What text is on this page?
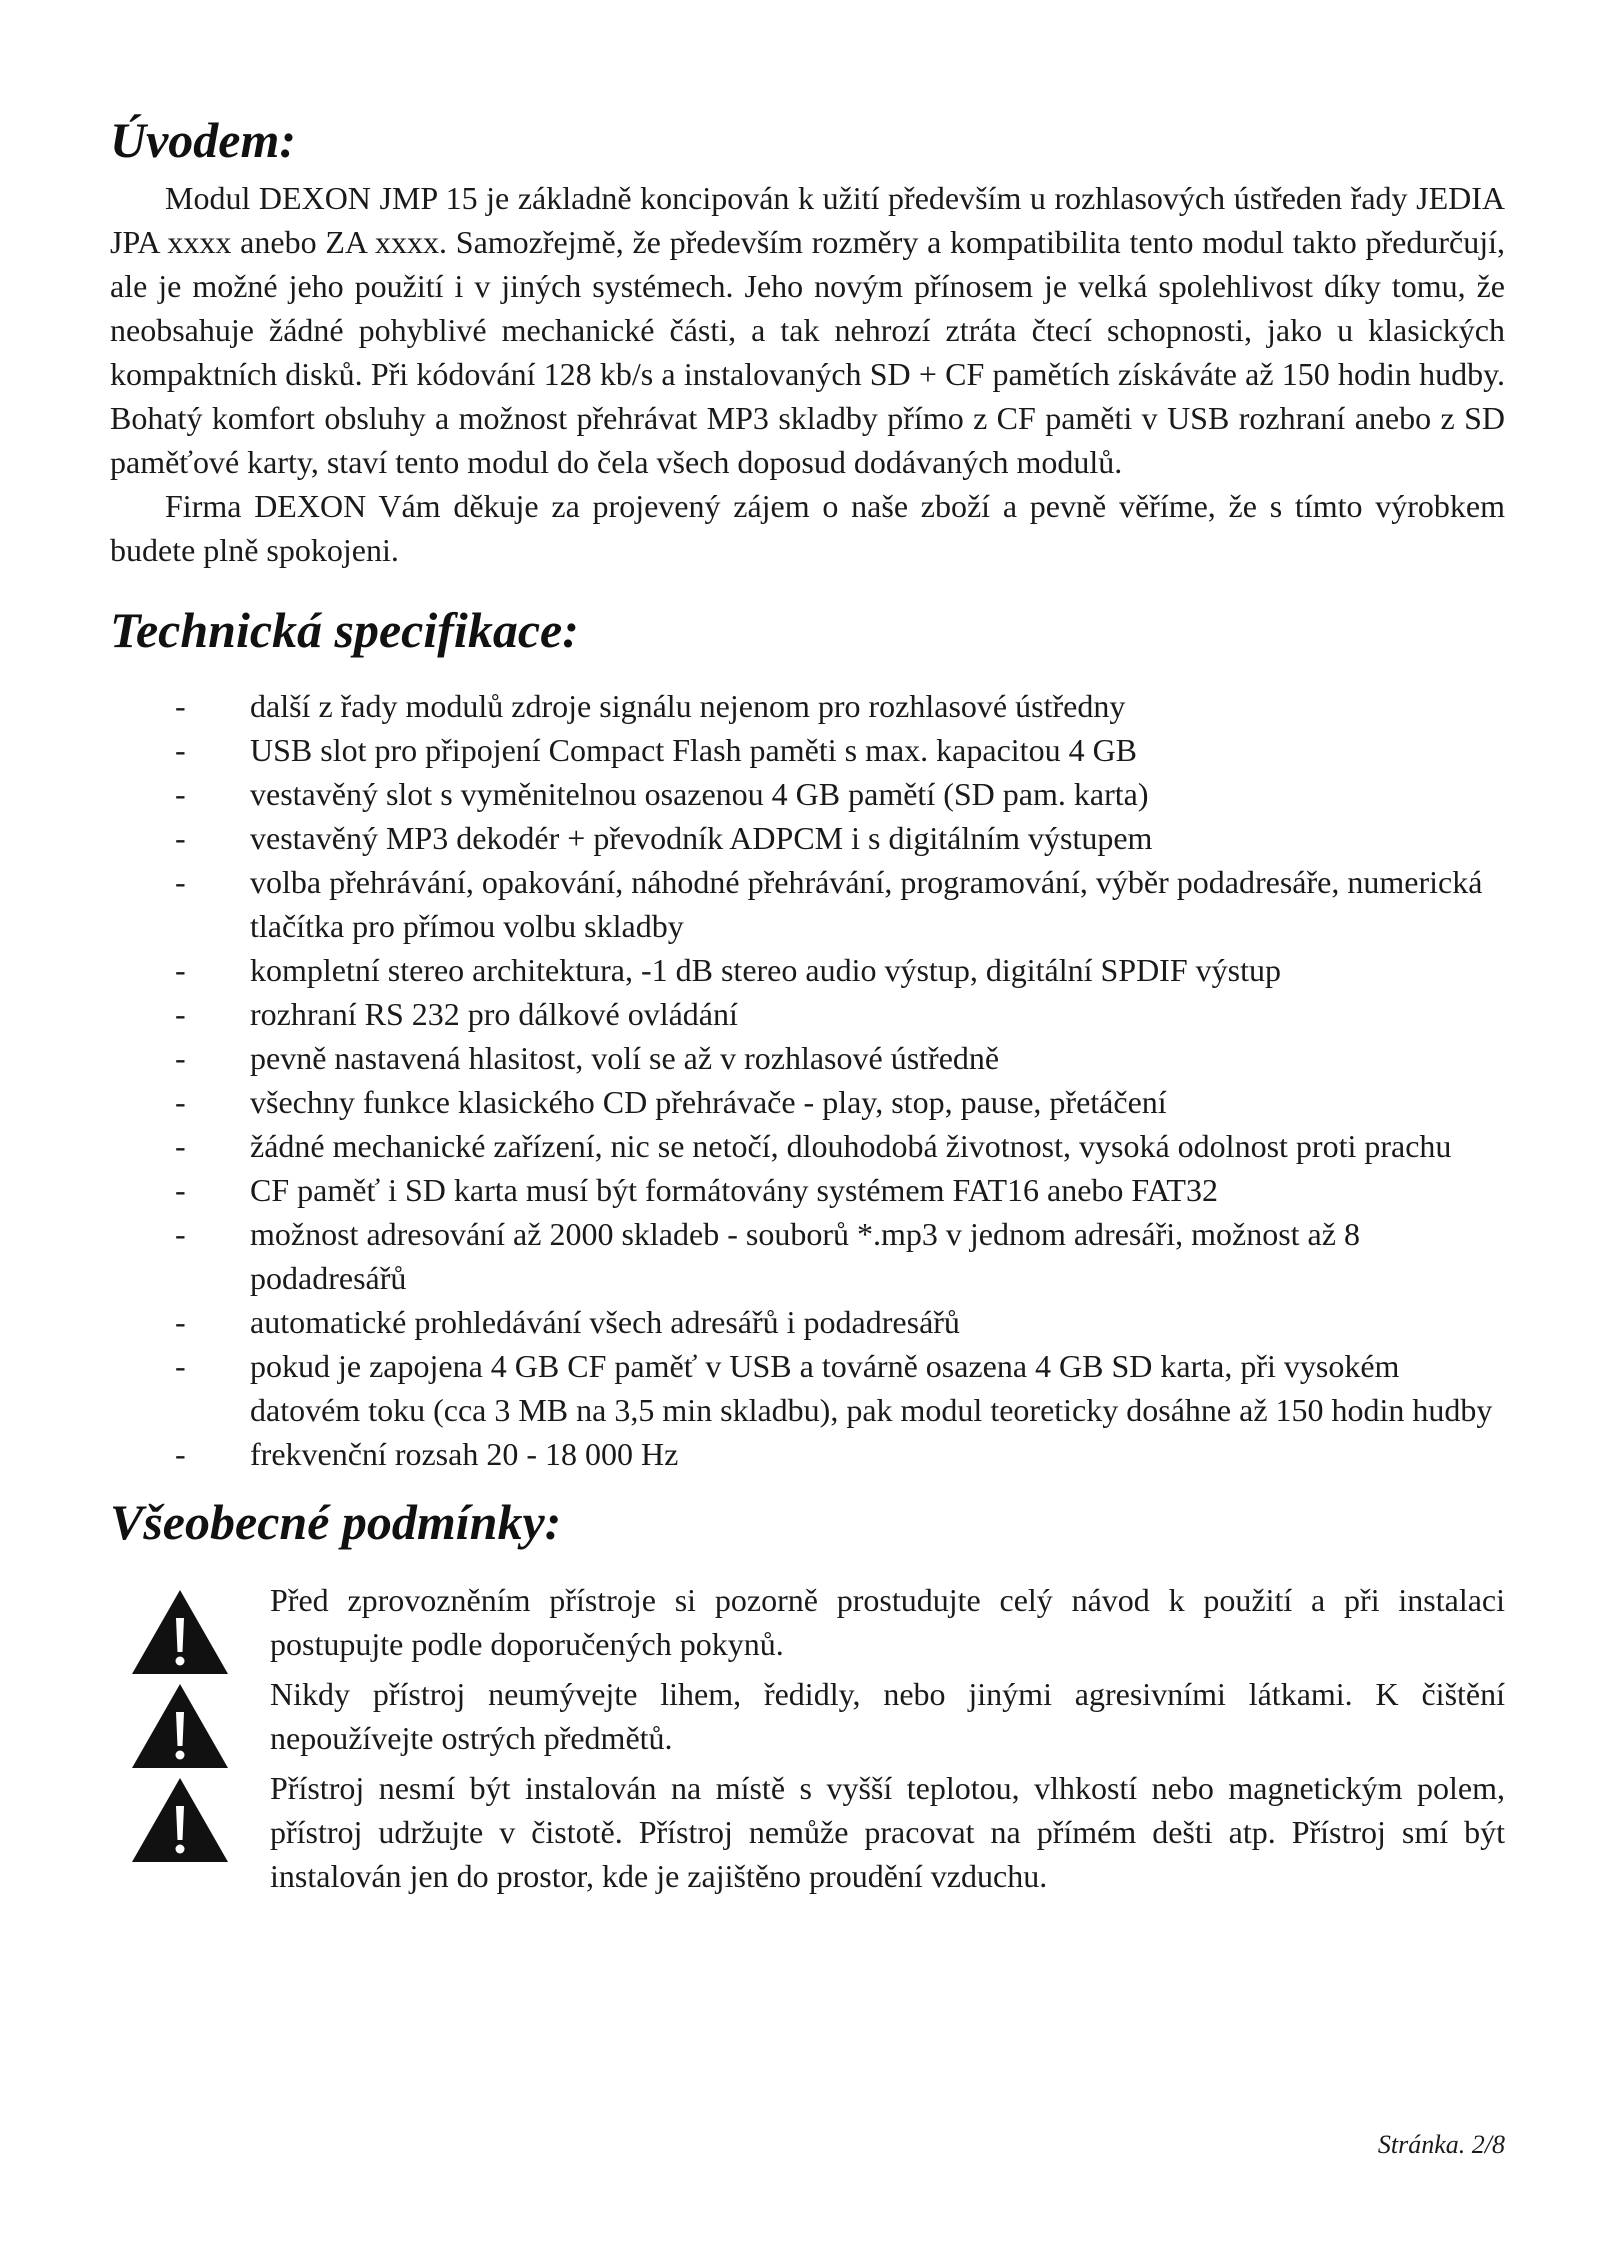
Úvodem:

Modul DEXON JMP 15 je základně koncipován k užití především u rozhlasových ústředen řady JEDIA JPA xxxx anebo ZA xxxx. Samozřejmě, že především rozměry a kompatibilita tento modul takto předurčují, ale je možné jeho použití i v jiných systémech. Jeho novým přínosem je velká spolehlivost díky tomu, že neobsahuje žádné pohyblivé mechanické části, a tak nehrozí ztráta čtecí schopnosti, jako u klasických kompaktních disků. Při kódování 128 kb/s a instalovaných SD + CF pamětích získáváte až 150 hodin hudby. Bohatý komfort obsluhy a možnost přehrávat MP3 skladby přímo z CF paměti v USB rozhraní anebo z SD paměťové karty, staví tento modul do čela všech doposud dodávaných modulů.

Firma DEXON Vám děkuje za projevený zájem o naše zboží a pevně věříme, že s tímto výrobkem budete plně spokojeni.

Technická specifikace:
- další z řady modulů zdroje signálu nejenom pro rozhlasové ústředny
- USB slot pro připojení Compact Flash paměti s max. kapacitou 4 GB
- vestavěný slot s vyměnitelnou osazenou 4 GB pamětí (SD pam. karta)
- vestavěný MP3 dekodér + převodník ADPCM i s digitálním výstupem
- volba přehrávání, opakování, náhodné přehrávání, programování, výběr podadresáře, numerická tlačítka pro přímou volbu skladby
- kompletní stereo architektura, -1 dB stereo audio výstup, digitální SPDIF výstup
- rozhraní RS 232 pro dálkové ovládání
- pevně nastavená hlasitost, volí se až v rozhlasové ústředně
- všechny funkce klasického CD přehrávače - play, stop, pause, přetáčení
- žádné mechanické zařízení, nic se netočí, dlouhodobá životnost, vysoká odolnost proti prachu
- CF paměť i SD karta musí být formátovány systémem FAT16 anebo FAT32
- možnost adresování až 2000 skladeb - souborů *.mp3 v jednom adresáři, možnost až 8 podadresářů
- automatické prohledávání všech adresářů i podadresářů
- pokud je zapojena 4 GB CF paměť v USB a továrně osazena 4 GB SD karta, při vysokém datovém toku (cca 3 MB na 3,5 min skladbu), pak modul teoreticky dosáhne až 150 hodin hudby
- frekvenční rozsah 20 - 18 000 Hz
Všeobecné podmínky:
Před zprovozněním přístroje si pozorně prostudujte celý návod k použití a při instalaci postupujte podle doporučených pokynů.
Nikdy přístroj neumývejte lihem, ředidly, nebo jinými agresivními látkami. K čištění nepoužívejte ostrých předmětů.
Přístroj nesmí být instalován na místě s vyšší teplotou, vlhkostí nebo magnetickým polem, přístroj udržujte v čistotě. Přístroj nemůže pracovat na přímém dešti atp. Přístroj smí být instalován jen do prostor, kde je zajištěno proudění vzduchu.
Stránka. 2/8
